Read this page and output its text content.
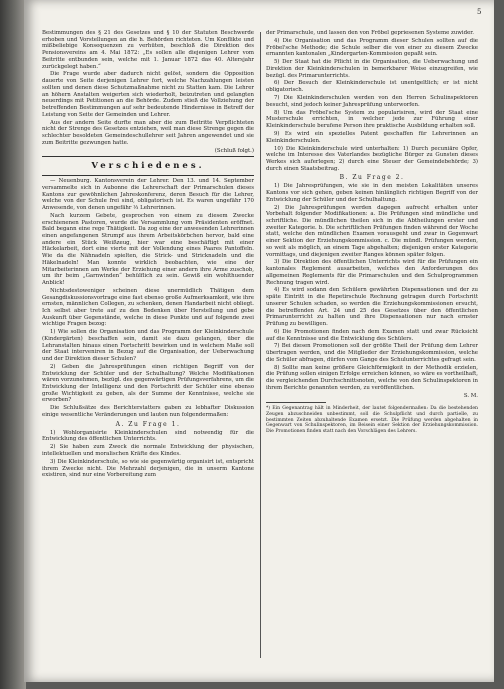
5

Bestimmungen des § 21 des Gesetzes und § 10 der Statuten Beschwerde erhoben und Vorstellungen an die h. Behörden richteten. Um Konflikte und mißbeliebige Konsequenzen zu verhüten, beschloß die Direktion des Pensionsvereins am 4. Mai 1872: „Es sollen alle diejenigen Lehrer vom Beitritte entbunden sein, welche mit 1. Januar 1872 das 40. Altersjahr zurückgelegt haben.“

Die Frage wurde aber dadurch nicht gelöst, sondern die Opposition dauerte von Seite derjenigen Lehrer fort, welche Nachzahlungen leisten sollten und denen diese Schutzmaßnahme nicht zu Statten kam. Die Lehrer an höhern Anstalten weigerten sich wiederholt, beizutreten und gelangten neuerdings mit Petitionen an die Behörde. Zudem stieß die Vollziehung der betreffenden Bestimmungen auf sehr bedeutende Hindernisse in Betreff der Leistung von Seite der Gemeinden und Lehrer.

Aus der andern Seite durfte man aber die zum Beitritte Verpflichteten nicht der Strenge des Gesetzes entziehen, weil man diese Strenge gegen die schlechter besoldeten Gemeindeschullehrer seit Jahren angewendet und sie zum Beitritte gezwungen hatte.

(Schluß folgt.)
Verschiedenes.

— Neuenburg. Kantonsverein der Lehrer. Den 13. und 14. September versammelte sich in Aubonne die Lehrerschaft der Primarschulen dieses Kantons zur gewöhnlichen Jahreskonferenz, deren Besuch für die Lehrer, welche von der Schule frei sind, obligatorisch ist. Es waren ungefähr 170 Anwesende, von denen ungefähr ⅓ Lehrerinnen.

Nach kurzem Gebete, gesprochen von einem zu diesem Zwecke erschienenen Pastoren, wurde die Versammlung vom Präsidenten eröffnet. Bald begann eine rege Thätigkeit. Da zog eine der anwesenden Lehrerinnen einen angefangenen Strumpf aus ihrem Arbeitskörbchen hervor, bald eine andere ein Stück Weißzeug, hier war eine beschäftigt mit einer Häckelarbeit, dort eine vierte mit der Vollendung eines Paares Pantoffeln. Wie da die Nähnadeln spielten, die Strick- und Stricknadeln und die Häkelnadeln! Man konnte wirklich beobachten, wie eine der Mitarbeiterinnen am Werke der Erziehung einer andern ihre Arme zuschob, um ihr beim „Garnwinden“ behülflich zu sein. Gewiß ein wohlthuender Anblick!

Nichtsdestoweniger scheinen diese unermüdlich Thätigen dem Gesangdiskussionsvortrage eine fast ebenso große Aufmerksamkeit, wie ihre ernsten, männlichen Collegen, zu schenken, denen Handarbeit nicht obliegt. Ich selbst aber trete auf zu den Bedenken über Herstellung und gebe Auskunft über Gegenstände, welche in diese Punkte und auf folgende zwei wichtige Fragen bezog:

1) Wie sollen die Organisation und das Programm der Kleinkinderschule (Kindergärten) beschaffen sein, damit sie dazu gelangen, über die Lehranstalten hinaus einen Fortschritt bewirken und in welchem Maße soll der Staat interveniren in Bezug auf die Organisation, der Ueberwachung und der Direktion dieser Schulen?

2) Geben die Jahresprüfungen einen richtigen Begriff von der Entwicklung der Schüler und der Schulhaltung? Welche Modifikationen wären vorzunehmen, bezügl. des gegenwärtigen Prüfungsverfahrens, um die Entwicklung der Intelligenz und den Fortschritt der Schüler eine ebenso große Wichtigkeit zu geben, als der Summe der Kenntnisse, welche sie erworben?

Die Schlußsätze des Berichterstatters gaben zu lebhafter Diskussion einige wesentliche Veränderungen und lauten nun folgendermaßen:

A. Zu Frage 1.

1) Wohlorganisirte Kleinkinderschulen sind notwendig für die Entwicklung des öffentlichen Unterrichts.

2) Sie haben zum Zweck die normale Entwicklung der physischen, intellektuellen und moralischen Kräfte des Kindes.

3) Die Kleinkinderschule, so wie sie gegenwärtig organisirt ist, entspricht ihrem Zwecke nicht. Die Mehrzahl derjenigen, die in unserm Kantone existiren, sind nur eine Vorbereitung zum

der Primarschule, und lassen den von Fröbel gepriesenen Systeme zuwider.

4) Die Organisation und das Programm dieser Schulen sollten auf die Fröbel'sche Methode; die Schule selber die von einer zu diesem Zwecke ernannten kantonalen „Kindergarten-Kommission gepaßt sein.

5) Der Staat hat die Pflicht in die Organisation, die Ueberwachung und Direktion der Kleinkinderschulen in bemerkbarer Weise einzugreifen, wie bezügl. des Primarunterrichts.

6) Der Besuch der Kleinkinderschule ist unentgeltlich; er ist nicht obligatorisch.

7) Die Kleinkinderschulen werden von den Herren Schulinspektoren besucht, sind jedoch keiner Jahresprüfung unterworfen.

8) Um das Fröbel'sche System zu popularisiren, wird der Staat eine Musterschule errichten, in welcher jede zur Führung einer Kleinkinderschule berufene Person ihre praktische Ausbildung erhalten soll.

9) Es wird ein spezielles Patent geschaffen für Lehrerinnen an Kleinkinderschulen.

10) Die Kleinkinderschule wird unterhalten: 1) Durch pecuniäre Opfer, welche im Interesse des Vaterlandes bezügliche Bürger zu Gunsten dieses Werkes sich auferlegen; 2) durch eine Steuer der Gemeindebehörde; 3) durch einen Staatsbeitrag.

B. Zu Frage 2.

1) Die Jahresprüfungen, wie sie in den meisten Lokalitäten unseres Kantons vor sich gehen, geben keinen hinlänglich richtigen Begriff von der Entwicklung der Schüler und der Schulhaltung.

2) Die Jahresprüfungen werden dagegen aufrecht erhalten unter Vorbehalt folgender Modifikationen: a. Die Prüfungen sind mündliche und schriftliche. Die mündlichen theilen sich in die Abtheilungen erster und zweiter Kategorie. b. Die schriftlichen Prüfungen finden während der Woche statt, welche den mündlichen Examen vorausgeht und zwar in Gegenwart einer Sektion der Erziehungskommission. c. Die mündl. Prüfungen werden, so weit als möglich, an einem Tage abgehalten; diejenigen erster Kategorie vormittags, und diejenigen zweiter Ranges können später folgen.

3) Die Direktion des öffentlichen Unterrichts wird für die Prüfungen ein kantonales Reglement ausarbeiten, welches den Anforderungen des allgemeinen Reglements für die Primarschulen und den Schulprogrammen Rechnung tragen wird.

4) Es wird sodann den Schülern gewährten Dispensationen und der zu späte Eintritt in die Repetirschule Rechnung getragen durch Fortschritt unserer Schulen schaden, so werden die Erziehungskommissionen ersucht, die betreffenden Art. 24 und 25 des Gesetzes über den öffentlichen Primarunterricht zu halten und ihre Dispensationen nur nach ernster Prüfung zu bewilligen.

6) Die Promotionen finden nach dem Examen statt und zwar Rücksicht auf die Kenntnisse und die Entwicklung des Schülers.

7) Bei diesen Promotionen soll der größte Theil der Prüfung dem Lehrer übertragen werden, und die Mitglieder der Erziehungskommission, welche die Schüler abfragen, dürfen vom Gange des Schulunterrichtes gefragt sein.

8) Sollte man keine größere Gleichförmigkeit in der Methodik erzielen, die Prüfung sollen einigen Erfolge erreichen können, so wäre es vortheilhaft, die vergleichenden Durchschnittsnoten, welche von den Schulinspektoren in ihrem Berichte genannten werden, zu veröffentlichen.

S. M.
*) Ein Gegenantrag hält in Minderheit, der lautet folgendermaßen: Da die bestehenden Zeugen abzuschneiden unbestimmt, soll die Schulpflicht und durch partielle, zu bestimmten Zeiten abzuhaltende Examen ersetzt. Die Prüfung werden abgehalten in Gegenwart von Schulinspektoren, im Beisein einer Sektion der Erziehungskommission. Die Promotionen finden statt nach den Vorschlägen des Lehrers.
